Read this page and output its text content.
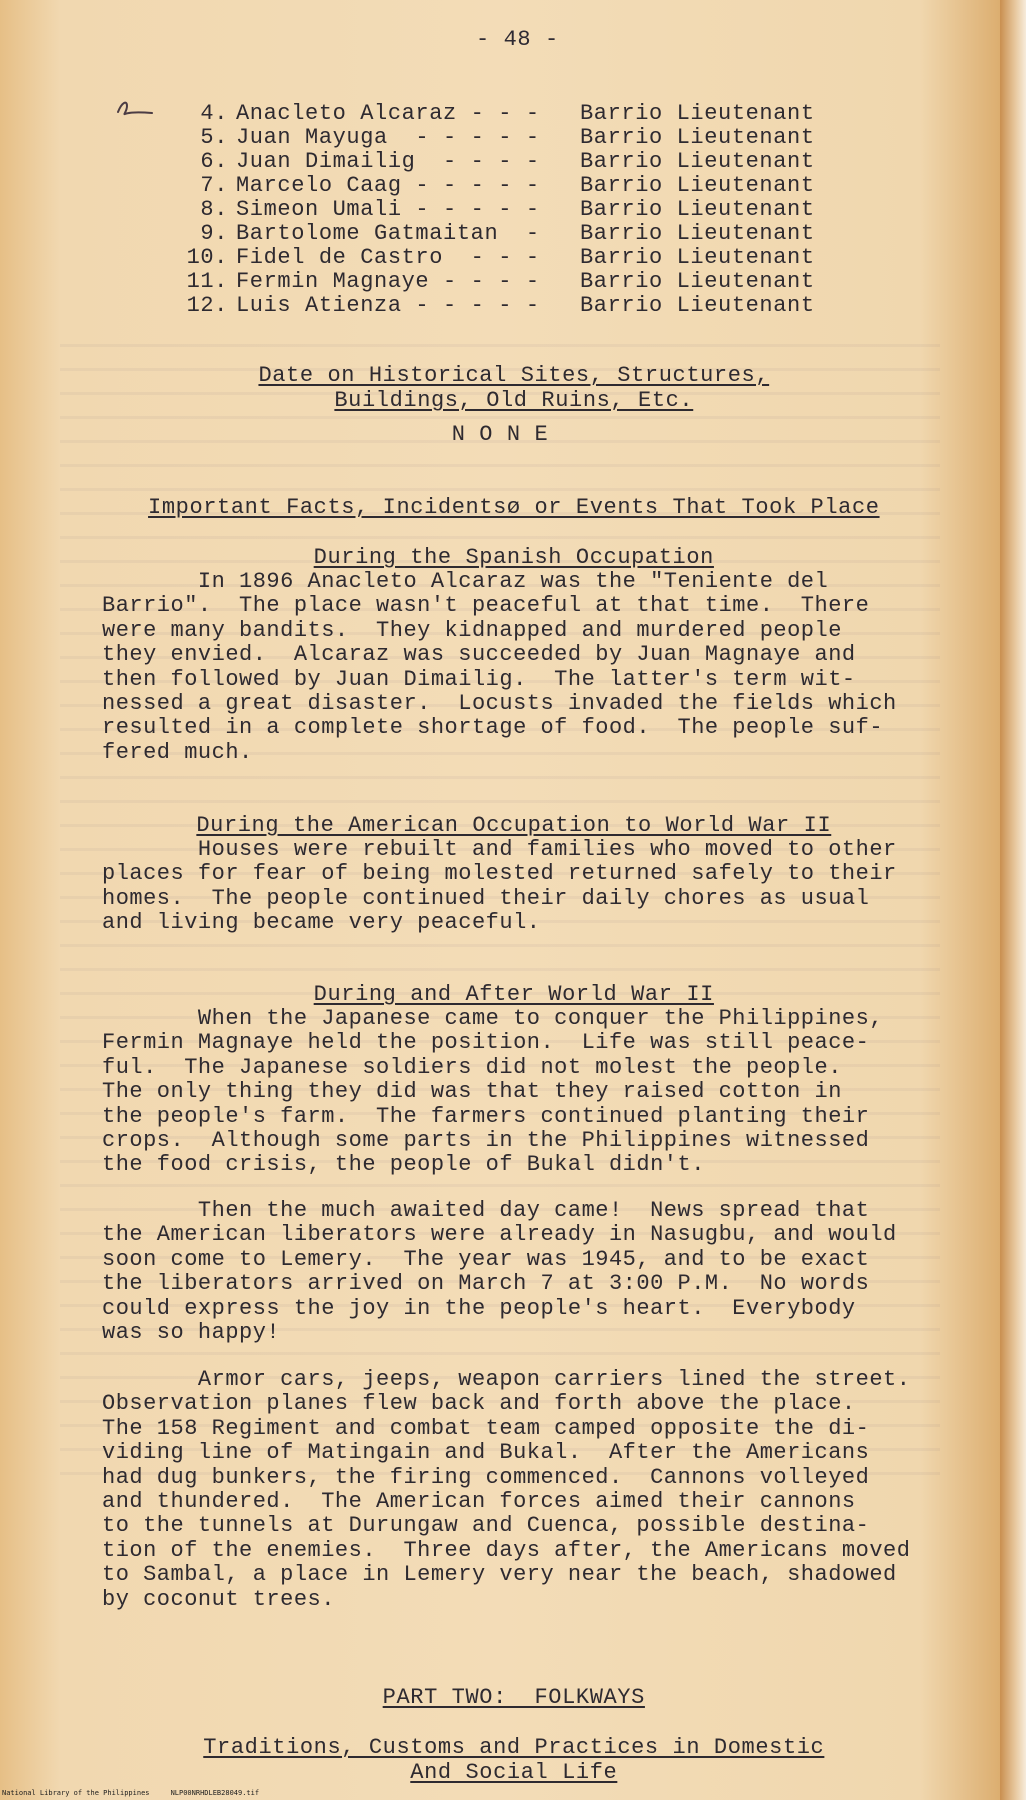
- 48 -
4. Anacleto Alcaraz - - - Barrio Lieutenant
5. Juan Mayuga  - - - - - Barrio Lieutenant
6. Juan Dimailig  - - - - Barrio Lieutenant
7. Marcelo Caag - - - - - Barrio Lieutenant
8. Simeon Umali - - - - - Barrio Lieutenant
9. Bartolome Gatmaitan  - Barrio Lieutenant
10. Fidel de Castro  - - - Barrio Lieutenant
11. Fermin Magnaye - - - - Barrio Lieutenant
12. Luis Atienza - - - - - Barrio Lieutenant

Date on Historical Sites, Structures,

Buildings, Old Ruins, Etc.

N O N E

Important Facts, Incidentsø or Events That Took Place

During the Spanish Occupation

In 1896 Anacleto Alcaraz was the "Teniente del
Barrio".  The place wasn't peaceful at that time.  There
were many bandits.  They kidnapped and murdered people
they envied.  Alcaraz was succeeded by Juan Magnaye and
then followed by Juan Dimailig.  The latter's term wit-
nessed a great disaster.  Locusts invaded the fields which
resulted in a complete shortage of food.  The people suf-
fered much.

During the American Occupation to World War II

Houses were rebuilt and families who moved to other
places for fear of being molested returned safely to their
homes.  The people continued their daily chores as usual
and living became very peaceful.

During and After World War II

When the Japanese came to conquer the Philippines,
Fermin Magnaye held the position.  Life was still peace-
ful.  The Japanese soldiers did not molest the people.
The only thing they did was that they raised cotton in
the people's farm.  The farmers continued planting their
crops.  Although some parts in the Philippines witnessed
the food crisis, the people of Bukal didn't.
Then the much awaited day came!  News spread that
the American liberators were already in Nasugbu, and would
soon come to Lemery.  The year was 1945, and to be exact
the liberators arrived on March 7 at 3:00 P.M.  No words
could express the joy in the people's heart.  Everybody
was so happy!
Armor cars, jeeps, weapon carriers lined the street.
Observation planes flew back and forth above the place.
The 158 Regiment and combat team camped opposite the di-
viding line of Matingain and Bukal.  After the Americans
had dug bunkers, the firing commenced.  Cannons volleyed
and thundered.  The American forces aimed their cannons
to the tunnels at Durungaw and Cuenca, possible destina-
tion of the enemies.  Three days after, the Americans moved
to Sambal, a place in Lemery very near the beach, shadowed
by coconut trees.

PART TWO:  FOLKWAYS

Traditions, Customs and Practices in Domestic

And Social Life

National Library of the Philippines     NLP00NRHDLEB28049.tif
